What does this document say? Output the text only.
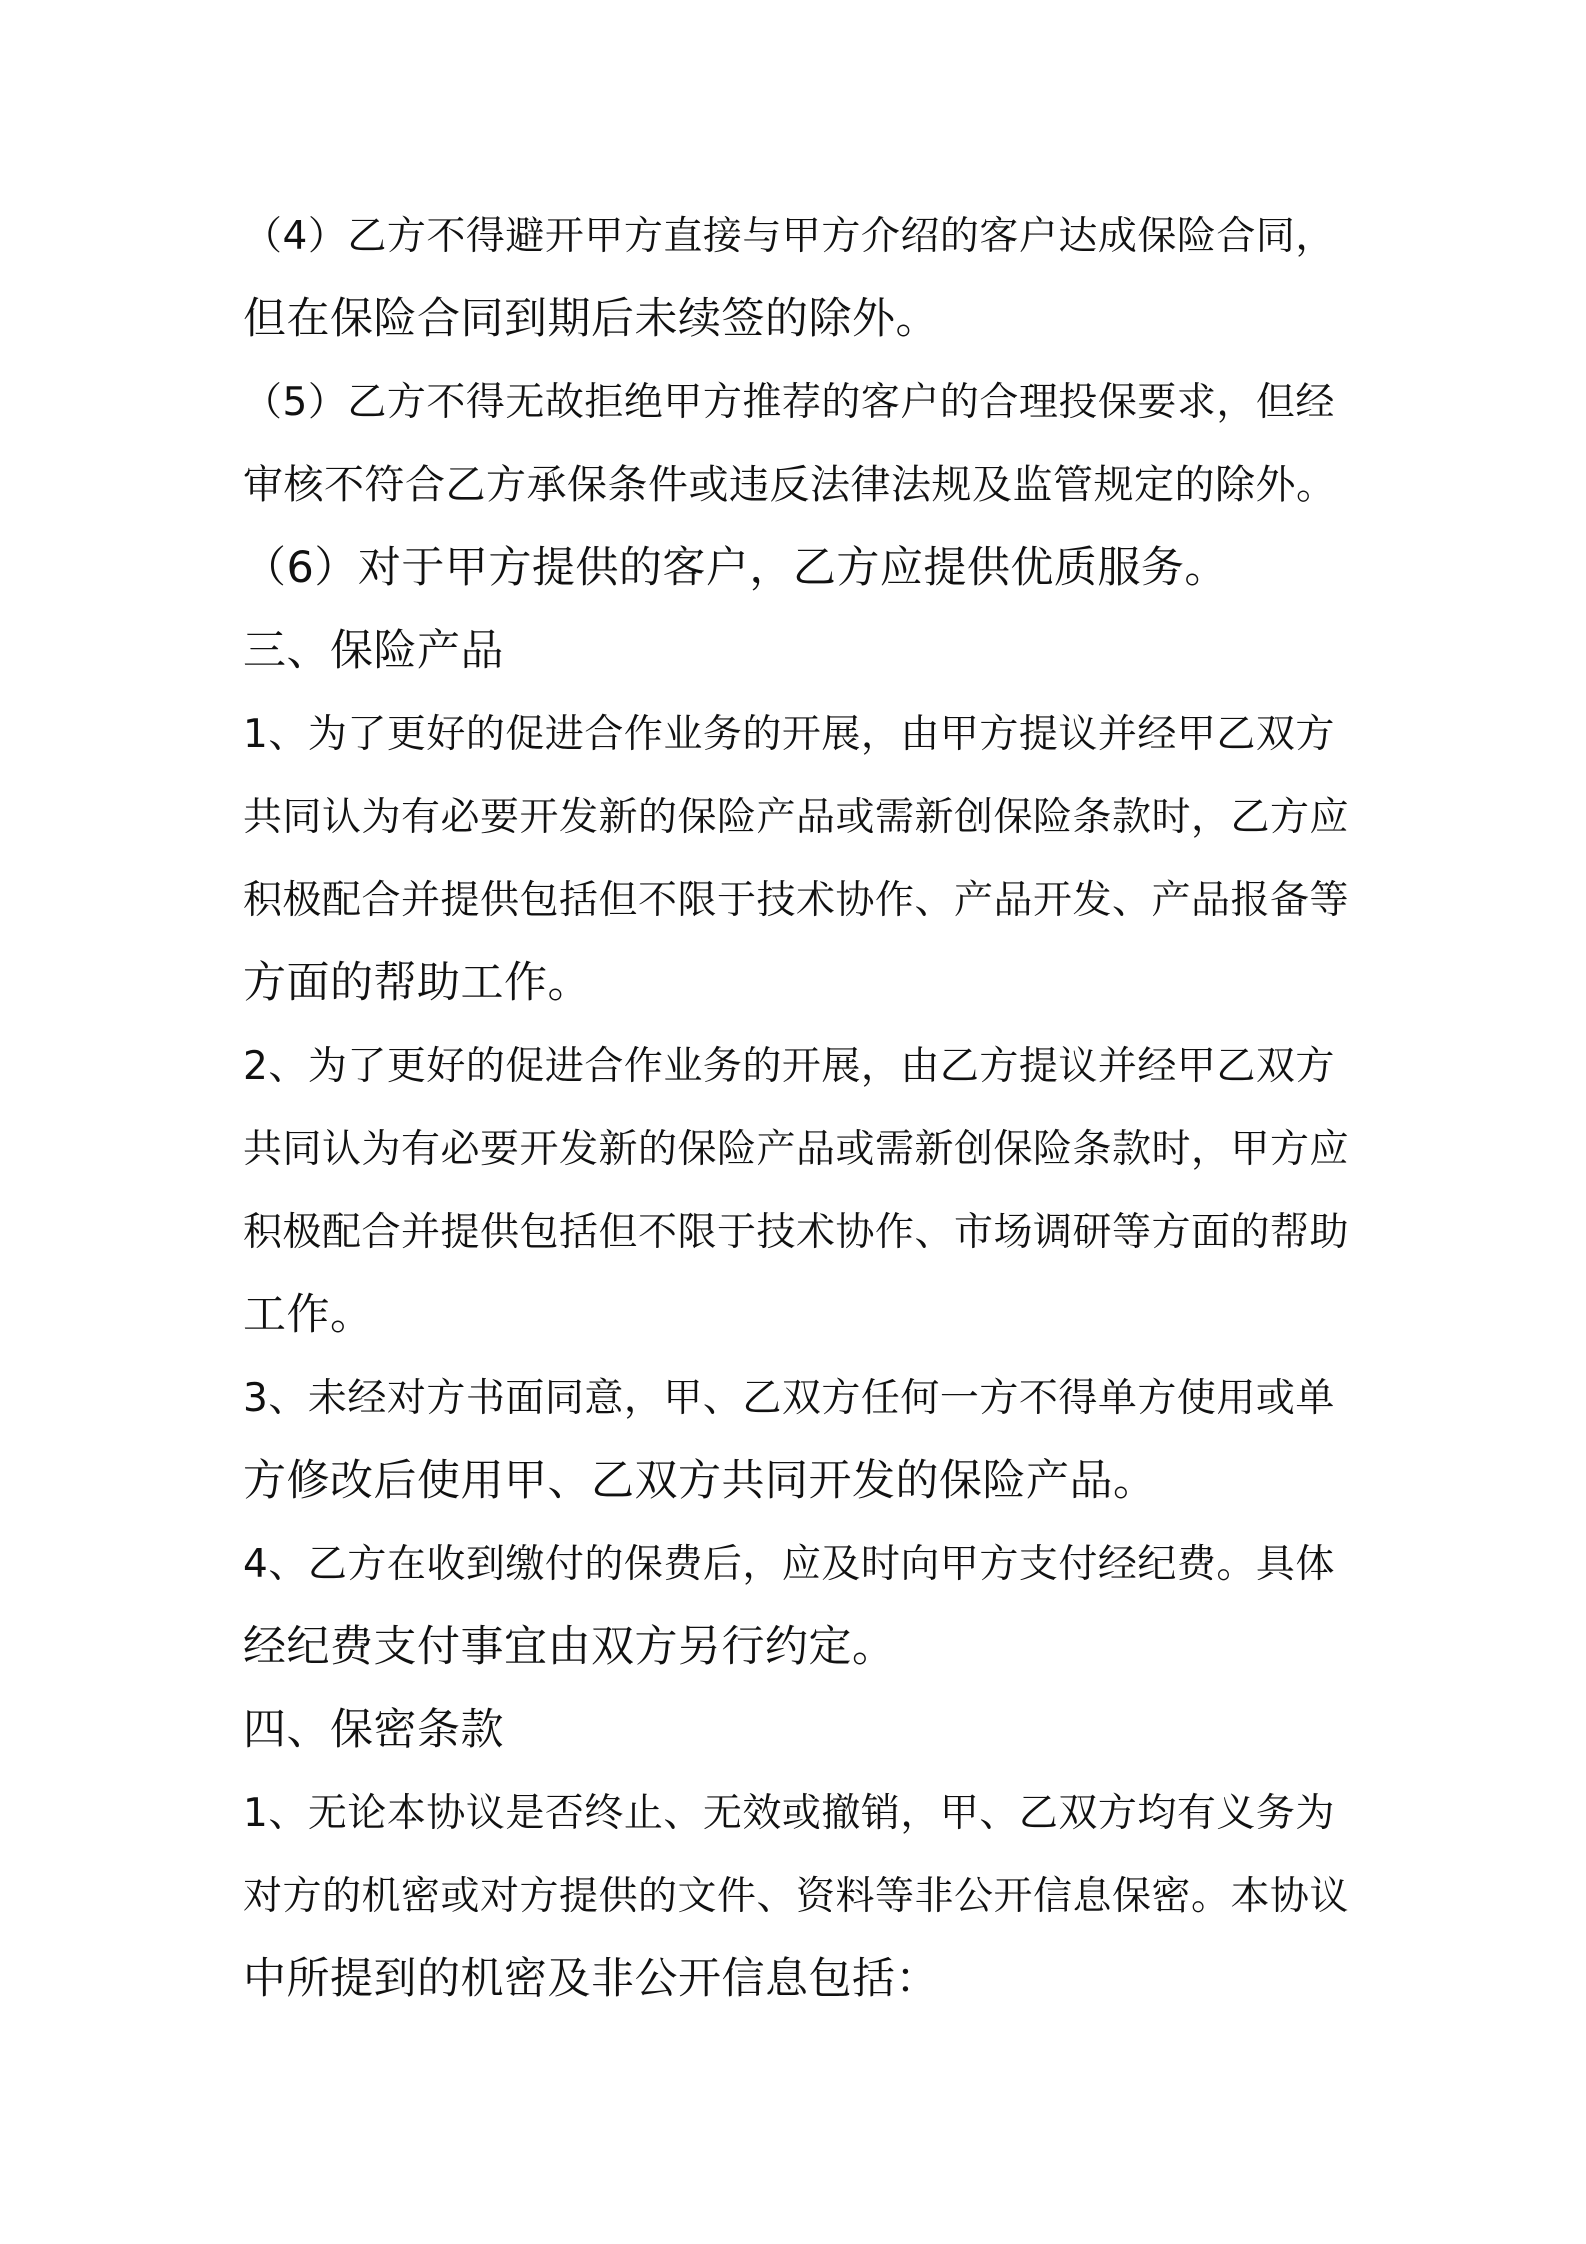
（4）乙方不得避开甲方直接与甲方介绍的客户达成保险合同，
但在保险合同到期后未续签的除外。
（5）乙方不得无故拒绝甲方推荐的客户的合理投保要求，但经
审核不符合乙方承保条件或违反法律法规及监管规定的除外。
（6）对于甲方提供的客户，乙方应提供优质服务。
三、保险产品
1、为了更好的促进合作业务的开展，由甲方提议并经甲乙双方
共同认为有必要开发新的保险产品或需新创保险条款时，乙方应
积极配合并提供包括但不限于技术协作、产品开发、产品报备等
方面的帮助工作。
2、为了更好的促进合作业务的开展，由乙方提议并经甲乙双方
共同认为有必要开发新的保险产品或需新创保险条款时，甲方应
积极配合并提供包括但不限于技术协作、市场调研等方面的帮助
工作。
3、未经对方书面同意，甲、乙双方任何一方不得单方使用或单
方修改后使用甲、乙双方共同开发的保险产品。
4、乙方在收到缴付的保费后，应及时向甲方支付经纪费。具体
经纪费支付事宜由双方另行约定。
四、保密条款
1、无论本协议是否终止、无效或撤销，甲、乙双方均有义务为
对方的机密或对方提供的文件、资料等非公开信息保密。本协议
中所提到的机密及非公开信息包括：
